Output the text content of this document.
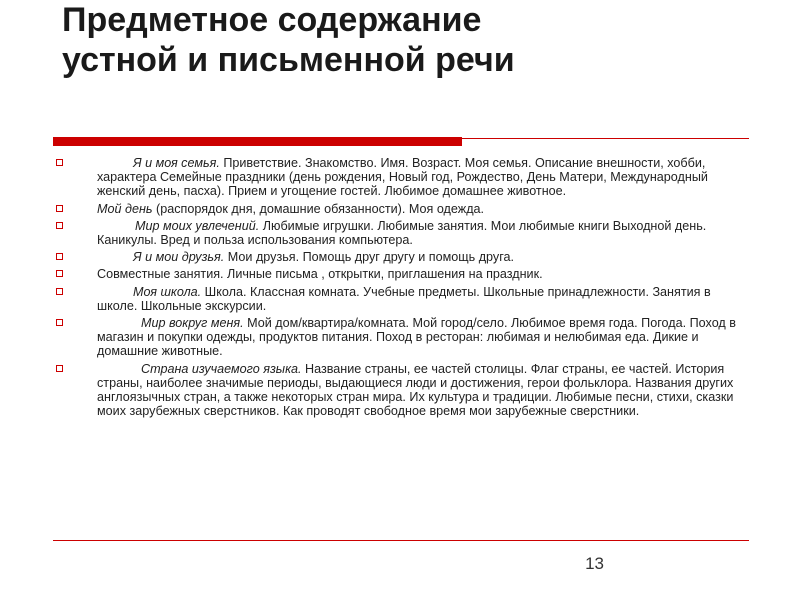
Предметное содержание
устной и письменной речи
Я и моя семья. Приветствие. Знакомство. Имя. Возраст. Моя семья. Описание внешности, хобби, характера Семейные праздники (день рождения, Новый год, Рождество, День Матери, Международный женский день, пасха). Прием и угощение гостей. Любимое домашнее животное.
Мой день (распорядок дня, домашние обязанности). Моя одежда.
Мир моих увлечений. Любимые игрушки. Любимые занятия. Мои любимые книги Выходной день. Каникулы. Вред и польза использования компьютера.
Я и мои друзья. Мои друзья. Помощь друг другу и помощь друга.
Совместные занятия. Личные письма , открытки, приглашения на праздник.
Моя школа. Школа. Классная комната. Учебные предметы. Школьные принадлежности. Занятия в школе. Школьные экскурсии.
Мир вокруг меня. Мой дом/квартира/комната. Мой город/село. Любимое время года. Погода. Поход в магазин и покупки одежды, продуктов питания. Поход в ресторан: любимая и нелюбимая еда. Дикие и домашние животные.
Страна изучаемого языка. Название страны, ее частей столицы. Флаг страны, ее частей. История страны, наиболее значимые периоды, выдающиеся люди и достижения, герои фольклора. Названия других англоязычных стран, а также некоторых стран мира. Их культура и традиции. Любимые песни, стихи, сказки моих зарубежных сверстников. Как проводят свободное время мои зарубежные сверстники.
13
